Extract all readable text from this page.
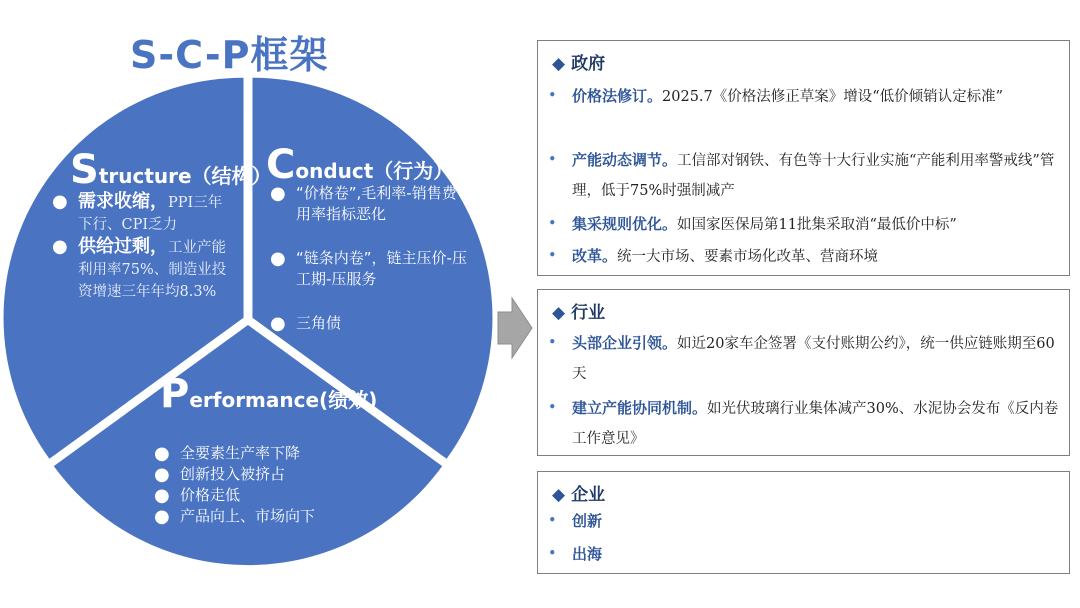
S-C-P框架
Structure（结构）
● 需求收缩，PPI三年下行、CPI乏力
● 供给过剩，工业产能利用率75%、制造业投资增速三年年均8.3%
Conduct（行为）
● “价格卷”,毛利率-销售费用率指标恶化
● “链条内卷”，链主压价-压工期-压服务
● 三角债
Performance(绩效)
● 全要素生产率下降
● 创新投入被挤占
● 价格走低
● 产品向上、市场向下
◆ 政府
• 价格法修订。2025.7《价格法修正草案》增设“低价倾销认定标准”
• 产能动态调节。工信部对钢铁、有色等十大行业实施“产能利用率警戒线”管理，低于75%时强制减产
• 集采规则优化。如国家医保局第11批集采取消“最低价中标”
• 改革。统一大市场、要素市场化改革、营商环境
◆ 行业
• 头部企业引领。如近20家车企签署《支付账期公约》，统一供应链账期至60天
• 建立产能协同机制。如光伏玻璃行业集体减产30%、水泥协会发布《反内卷工作意见》
◆ 企业
• 创新
• 出海
